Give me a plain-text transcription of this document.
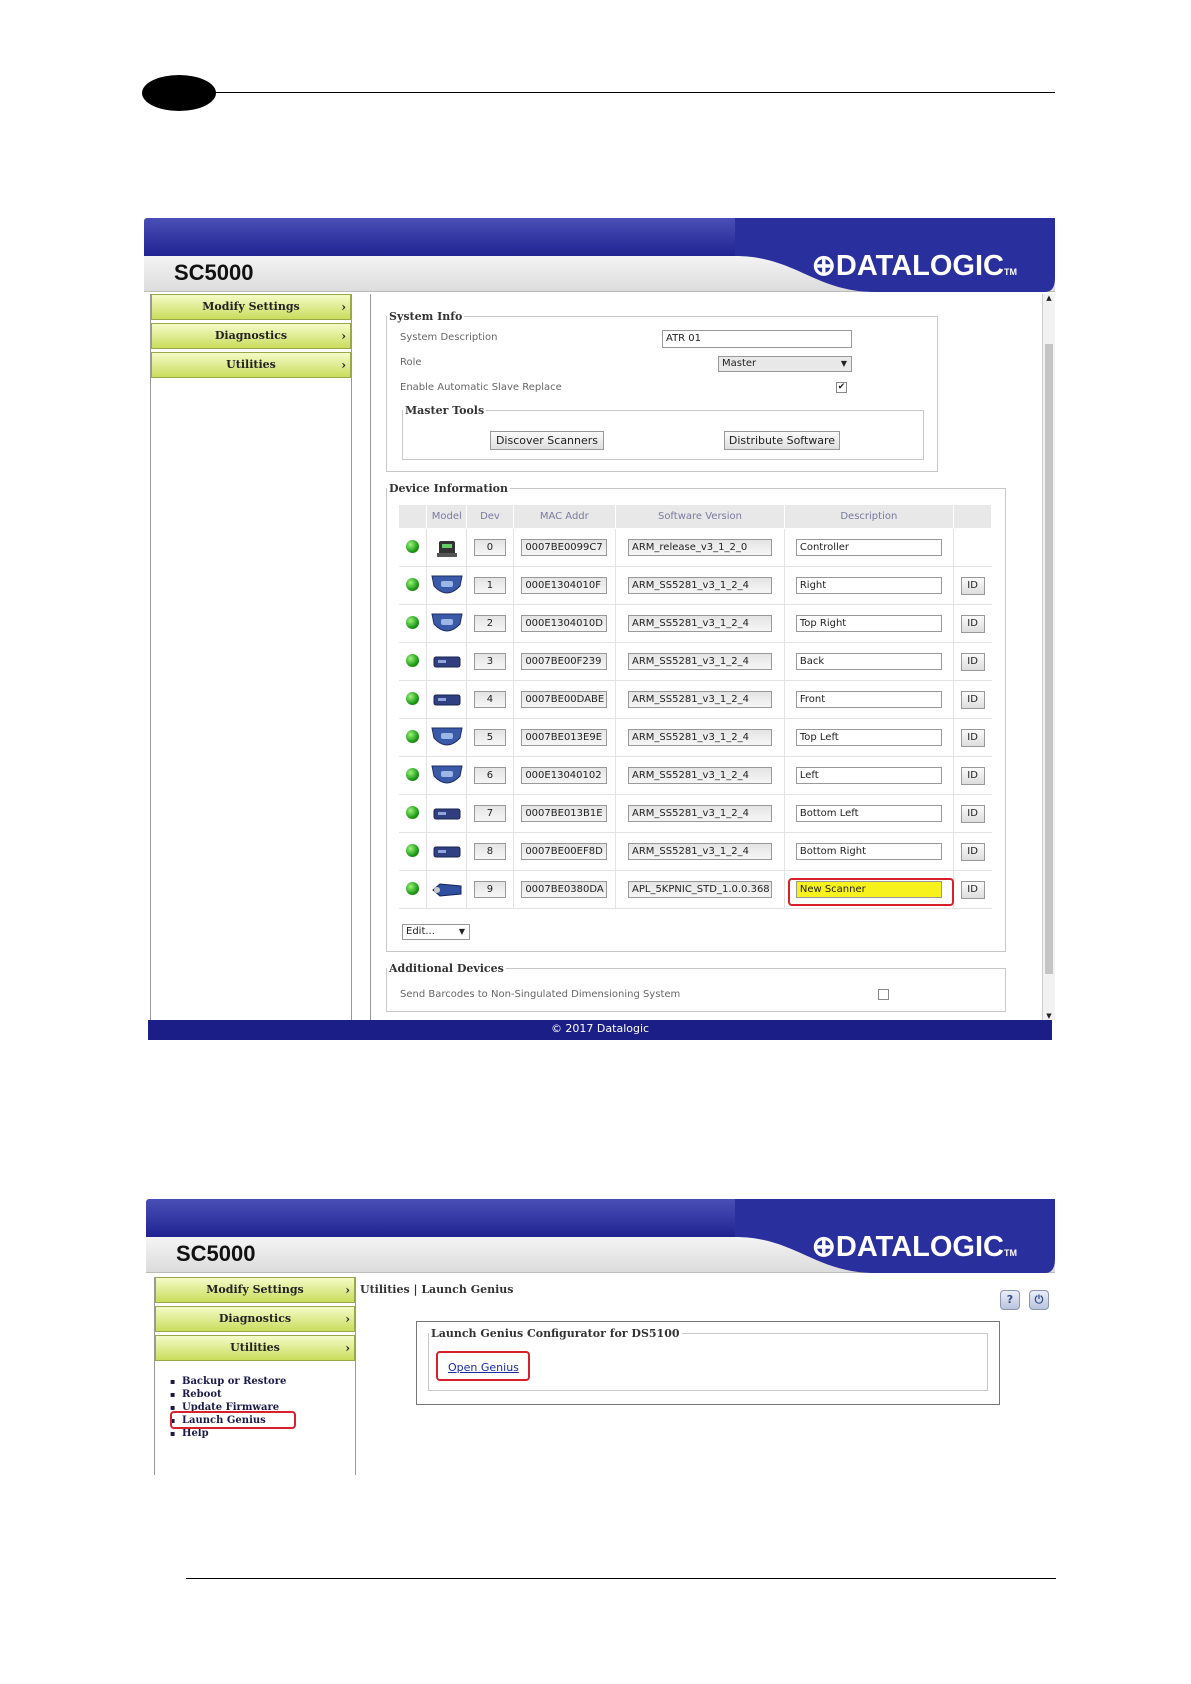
SC5000	⊕DATALOGICTM
Modify Settings	›
Diagnostics	›
Utilities	›
System Info
System Description	ATR 01
Role	Master	▼
Enable Automatic Slave Replace	✔
Master Tools
Discover Scanners	Distribute Software
Device Information
	Model	Dev	MAC Addr	Software Version	Description	

	0	0007BE0099C7	ARM_release_v3_1_2_0	Controller	

	1	000E1304010F	ARM_SS5281_v3_1_2_4	Right	ID

	2	000E1304010D	ARM_SS5281_v3_1_2_4	Top Right	ID

	3	0007BE00F239	ARM_SS5281_v3_1_2_4	Back	ID

	4	0007BE00DABE	ARM_SS5281_v3_1_2_4	Front	ID

	5	0007BE013E9E	ARM_SS5281_v3_1_2_4	Top Left	ID

	6	000E13040102	ARM_SS5281_v3_1_2_4	Left	ID

	7	0007BE013B1E	ARM_SS5281_v3_1_2_4	Bottom Left	ID

	8	0007BE00EF8D	ARM_SS5281_v3_1_2_4	Bottom Right	ID

	9	0007BE0380DA	APL_5KPNIC_STD_1.0.0.368	New Scanner	ID
Edit...	▼
Additional Devices
Send Barcodes to Non-Singulated Dimensioning System
▲
▼
© 2017 Datalogic
SC5000	⊕DATALOGICTM
Modify Settings	›
Diagnostics	›
Utilities	›
▪ Backup or Restore
▪ Reboot
▪ Update Firmware
▪ Launch Genius
▪ Help
Utilities | Launch Genius
?	⏻
Launch Genius Configurator for DS5100
Open Genius
